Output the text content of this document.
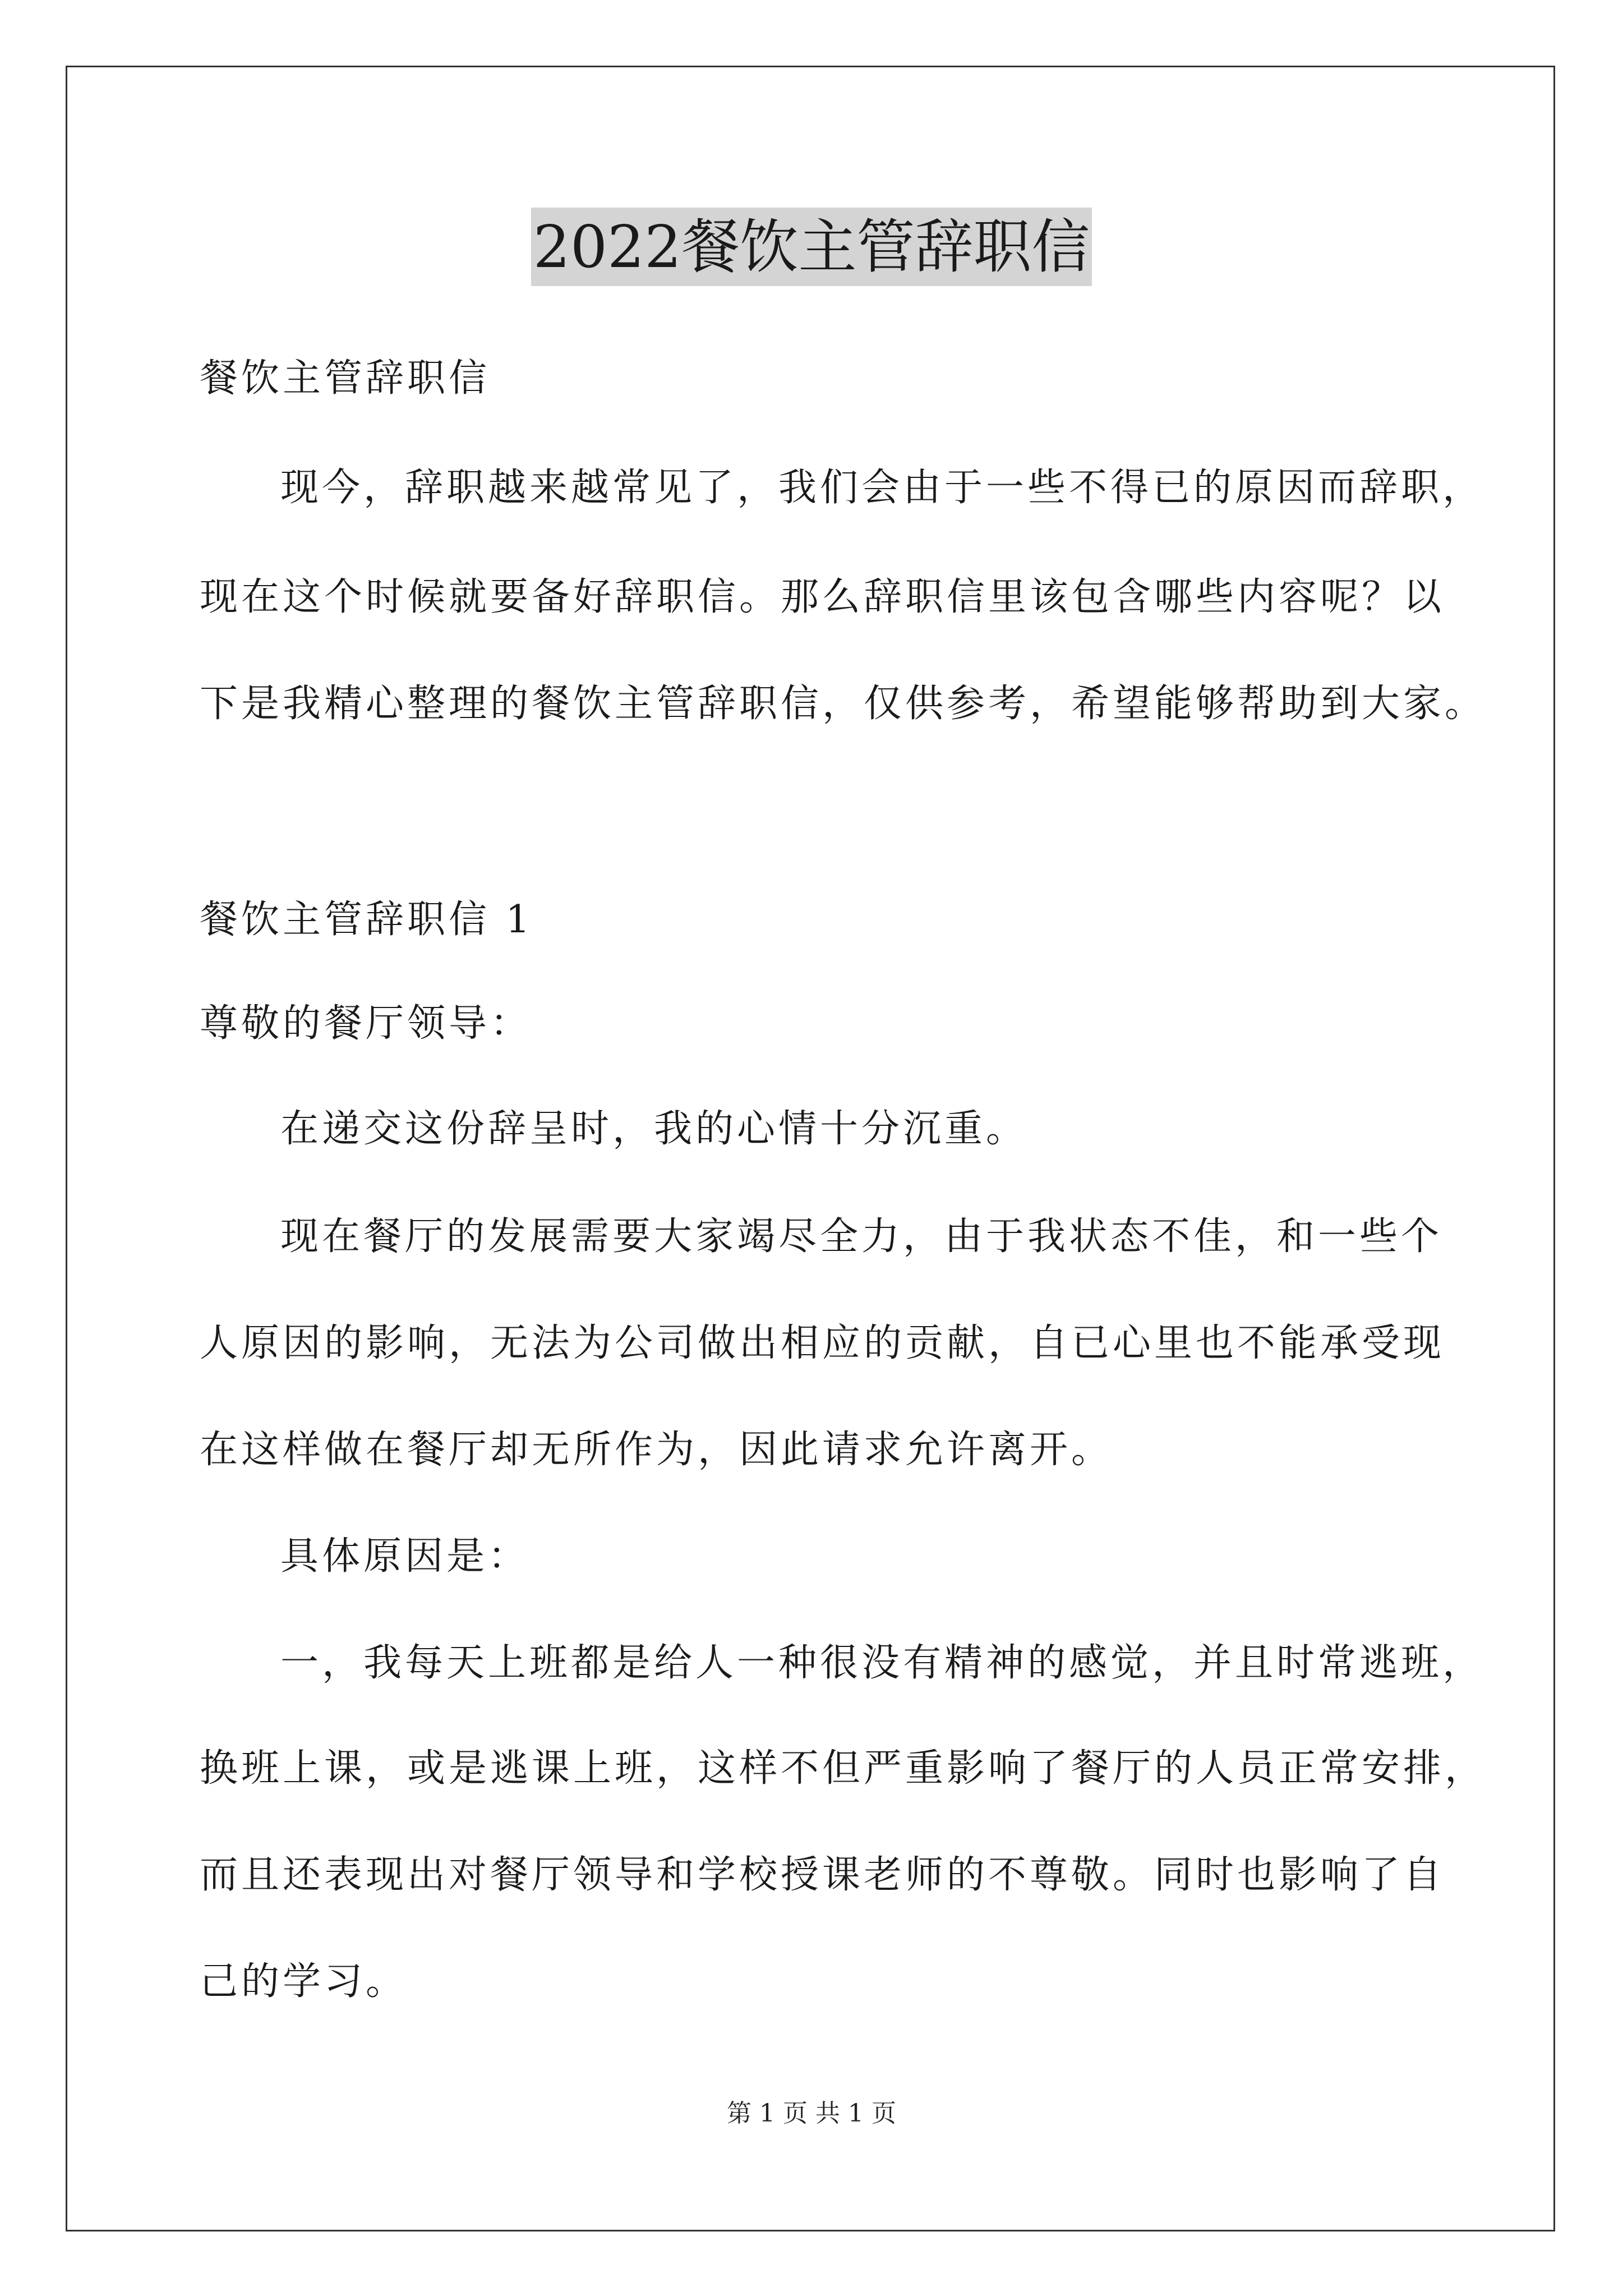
2022餐饮主管辞职信
餐饮主管辞职信
现今，辞职越来越常见了，我们会由于一些不得已的原因而辞职，
现在这个时候就要备好辞职信。那么辞职信里该包含哪些内容呢？以
下是我精心整理的餐饮主管辞职信，仅供参考，希望能够帮助到大家。
餐饮主管辞职信 1
尊敬的餐厅领导：
在递交这份辞呈时，我的心情十分沉重。
现在餐厅的发展需要大家竭尽全力，由于我状态不佳，和一些个
人原因的影响，无法为公司做出相应的贡献，自已心里也不能承受现
在这样做在餐厅却无所作为，因此请求允许离开。
具体原因是：
一，我每天上班都是给人一种很没有精神的感觉，并且时常逃班，
换班上课，或是逃课上班，这样不但严重影响了餐厅的人员正常安排，
而且还表现出对餐厅领导和学校授课老师的不尊敬。同时也影响了自
己的学习。
第 1 页 共 1 页
